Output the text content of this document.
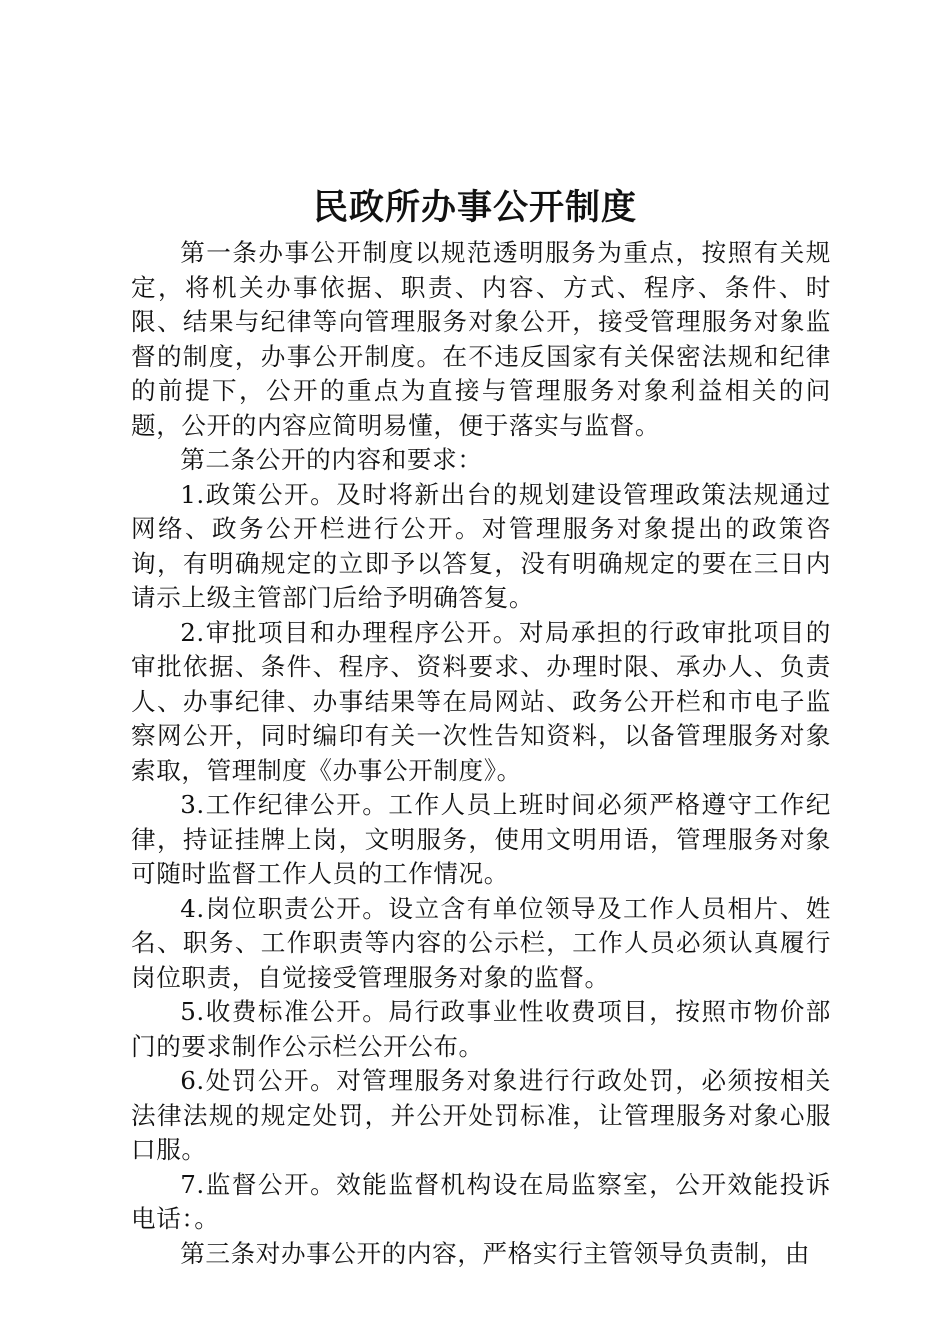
民政所办事公开制度

第一条办事公开制度以规范透明服务为重点，按照有关规定，将机关办事依据、职责、内容、方式、程序、条件、时限、结果与纪律等向管理服务对象公开，接受管理服务对象监督的制度，办事公开制度。在不违反国家有关保密法规和纪律的前提下，公开的重点为直接与管理服务对象利益相关的问题，公开的内容应简明易懂，便于落实与监督。

第二条公开的内容和要求：

1.政策公开。及时将新出台的规划建设管理政策法规通过网络、政务公开栏进行公开。对管理服务对象提出的政策咨询，有明确规定的立即予以答复，没有明确规定的要在三日内请示上级主管部门后给予明确答复。

2.审批项目和办理程序公开。对局承担的行政审批项目的审批依据、条件、程序、资料要求、办理时限、承办人、负责人、办事纪律、办事结果等在局网站、政务公开栏和市电子监察网公开，同时编印有关一次性告知资料，以备管理服务对象索取，管理制度《办事公开制度》。

3.工作纪律公开。工作人员上班时间必须严格遵守工作纪律，持证挂牌上岗，文明服务，使用文明用语，管理服务对象可随时监督工作人员的工作情况。

4.岗位职责公开。设立含有单位领导及工作人员相片、姓名、职务、工作职责等内容的公示栏，工作人员必须认真履行岗位职责，自觉接受管理服务对象的监督。

5.收费标准公开。局行政事业性收费项目，按照市物价部门的要求制作公示栏公开公布。

6.处罚公开。对管理服务对象进行行政处罚，必须按相关法律法规的规定处罚，并公开处罚标准，让管理服务对象心服口服。

7.监督公开。效能监督机构设在局监察室，公开效能投诉电话：。

第三条对办事公开的内容，严格实行主管领导负责制，由
